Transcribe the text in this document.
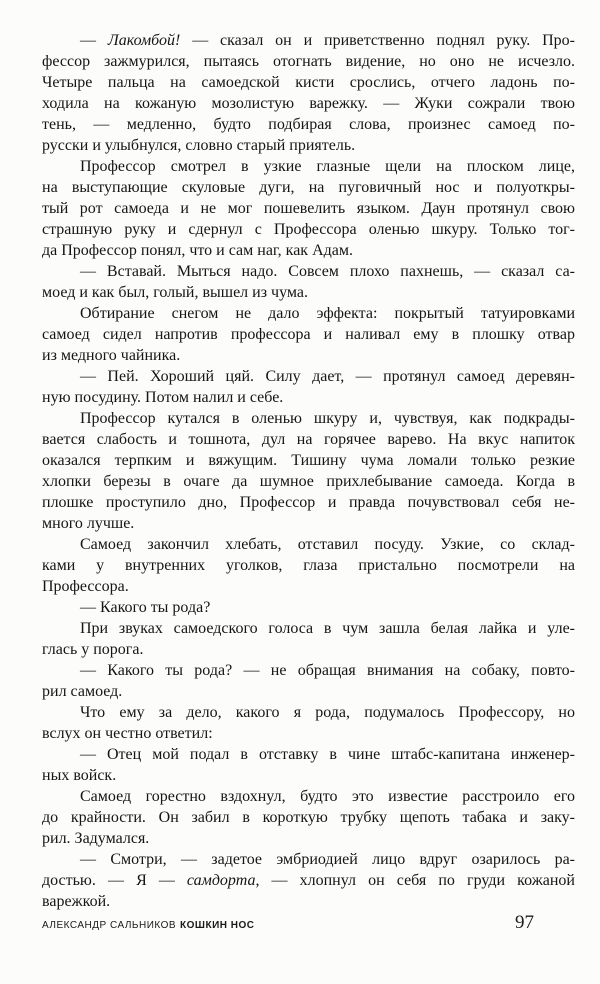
— Лакомбой! — сказал он и приветственно поднял руку. Про-
фессор зажмурился, пытаясь отогнать видение, но оно не исчезло.
Четыре пальца на самоедской кисти срослись, отчего ладонь по-
ходила на кожаную мозолистую варежку. — Жуки сожрали твою
тень, — медленно, будто подбирая слова, произнес самоед по-
русски и улыбнулся, словно старый приятель.
Профессор смотрел в узкие глазные щели на плоском лице,
на выступающие скуловые дуги, на пуговичный нос и полуоткры-
тый рот самоеда и не мог пошевелить языком. Даун протянул свою
страшную руку и сдернул с Профессора оленью шкуру. Только тог-
да Профессор понял, что и сам наг, как Адам.
— Вставай. Мыться надо. Совсем плохо пахнешь, — сказал са-
моед и как был, голый, вышел из чума.
Обтирание снегом не дало эффекта: покрытый татуировками
самоед сидел напротив профессора и наливал ему в плошку отвар
из медного чайника.
— Пей. Хороший цяй. Силу дает, — протянул самоед деревян-
ную посудину. Потом налил и себе.
Профессор кутался в оленью шкуру и, чувствуя, как подкрады-
вается слабость и тошнота, дул на горячее варево. На вкус напиток
оказался терпким и вяжущим. Тишину чума ломали только резкие
хлопки березы в очаге да шумное прихлебывание самоеда. Когда в
плошке проступило дно, Профессор и правда почувствовал себя не-
много лучше.
Самоед закончил хлебать, отставил посуду. Узкие, со склад-
ками у внутренних уголков, глаза пристально посмотрели на
Профессора.
— Какого ты рода?
При звуках самоедского голоса в чум зашла белая лайка и уле-
глась у порога.
— Какого ты рода? — не обращая внимания на собаку, повто-
рил самоед.
Что ему за дело, какого я рода, подумалось Профессору, но
вслух он честно ответил:
— Отец мой подал в отставку в чине штабс-капитана инженер-
ных войск.
Самоед горестно вздохнул, будто это известие расстроило его
до крайности. Он забил в короткую трубку щепоть табака и заку-
рил. Задумался.
— Смотри, — задетое эмбриодией лицо вдруг озарилось ра-
достью. — Я — самдорта, — хлопнул он себя по груди кожаной
варежкой.
АЛЕКСАНДР САЛЬНИКОВ КОШКИН НОС	97
